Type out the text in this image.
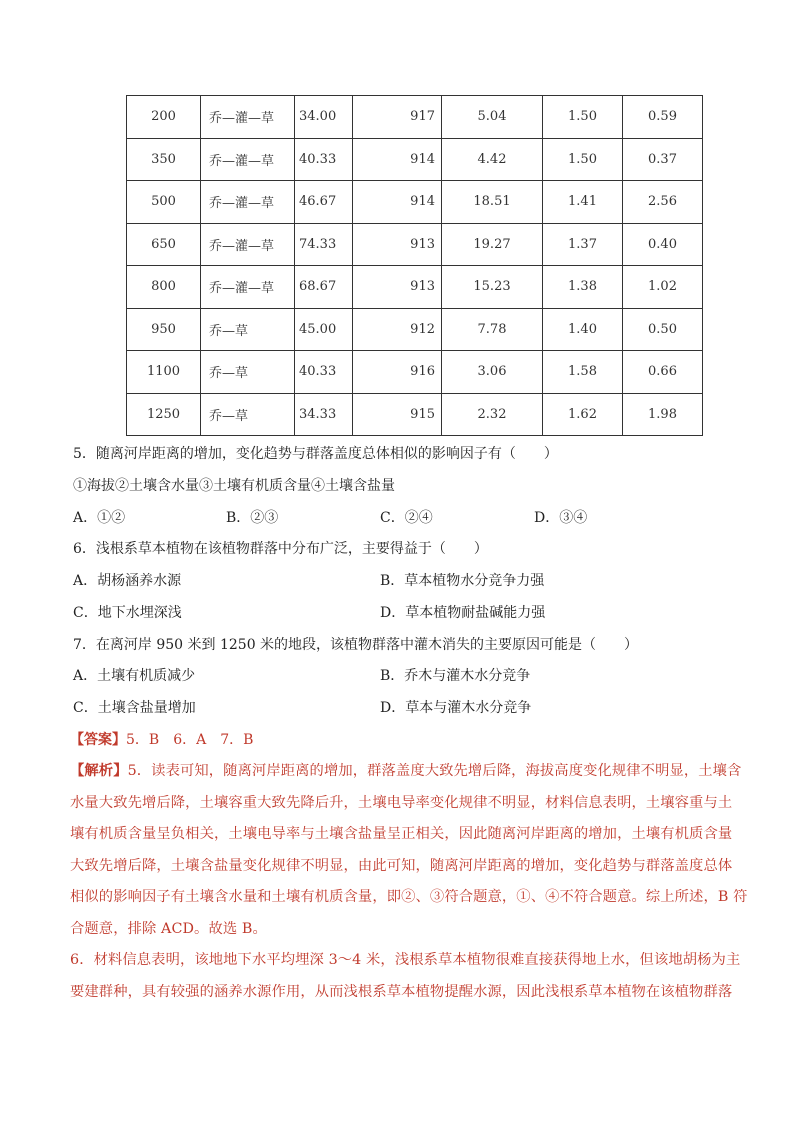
200	乔—灌—草	34.00	917	5.04	1.50	0.59
350	乔—灌—草	40.33	914	4.42	1.50	0.37
500	乔—灌—草	46.67	914	18.51	1.41	2.56
650	乔—灌—草	74.33	913	19.27	1.37	0.40
800	乔—灌—草	68.67	913	15.23	1.38	1.02
950	乔—草	45.00	912	7.78	1.40	0.50
1100	乔—草	40.33	916	3.06	1.58	0.66
1250	乔—草	34.33	915	2.32	1.62	1.98
5．随离河岸距离的增加，变化趋势与群落盖度总体相似的影响因子有（　　）
①海拔②土壤含水量③土壤有机质含量④土壤含盐量
A．①②	B．②③	C．②④	D．③④
6．浅根系草本植物在该植物群落中分布广泛，主要得益于（　　）
A．胡杨涵养水源	B．草本植物水分竞争力强
C．地下水埋深浅	D．草本植物耐盐碱能力强
7．在离河岸 950 米到 1250 米的地段，该植物群落中灌木消失的主要原因可能是（　　）
A．土壤有机质减少	B．乔木与灌木水分竞争
C．土壤含盐量增加	D．草本与灌木水分竞争
【答案】5．B　6．A　7．B
【解析】5．读表可知，随离河岸距离的增加，群落盖度大致先增后降，海拔高度变化规律不明显，土壤含
水量大致先增后降，土壤容重大致先降后升，土壤电导率变化规律不明显，材料信息表明，土壤容重与土
壤有机质含量呈负相关，土壤电导率与土壤含盐量呈正相关，因此随离河岸距离的增加，土壤有机质含量
大致先增后降，土壤含盐量变化规律不明显，由此可知，随离河岸距离的增加，变化趋势与群落盖度总体
相似的影响因子有土壤含水量和土壤有机质含量，即②、③符合题意，①、④不符合题意。综上所述，B 符
合题意，排除 ACD。故选 B。
6．材料信息表明，该地地下水平均埋深 3～4 米，浅根系草本植物很难直接获得地上水，但该地胡杨为主
要建群种，具有较强的涵养水源作用，从而浅根系草本植物提醒水源，因此浅根系草本植物在该植物群落
